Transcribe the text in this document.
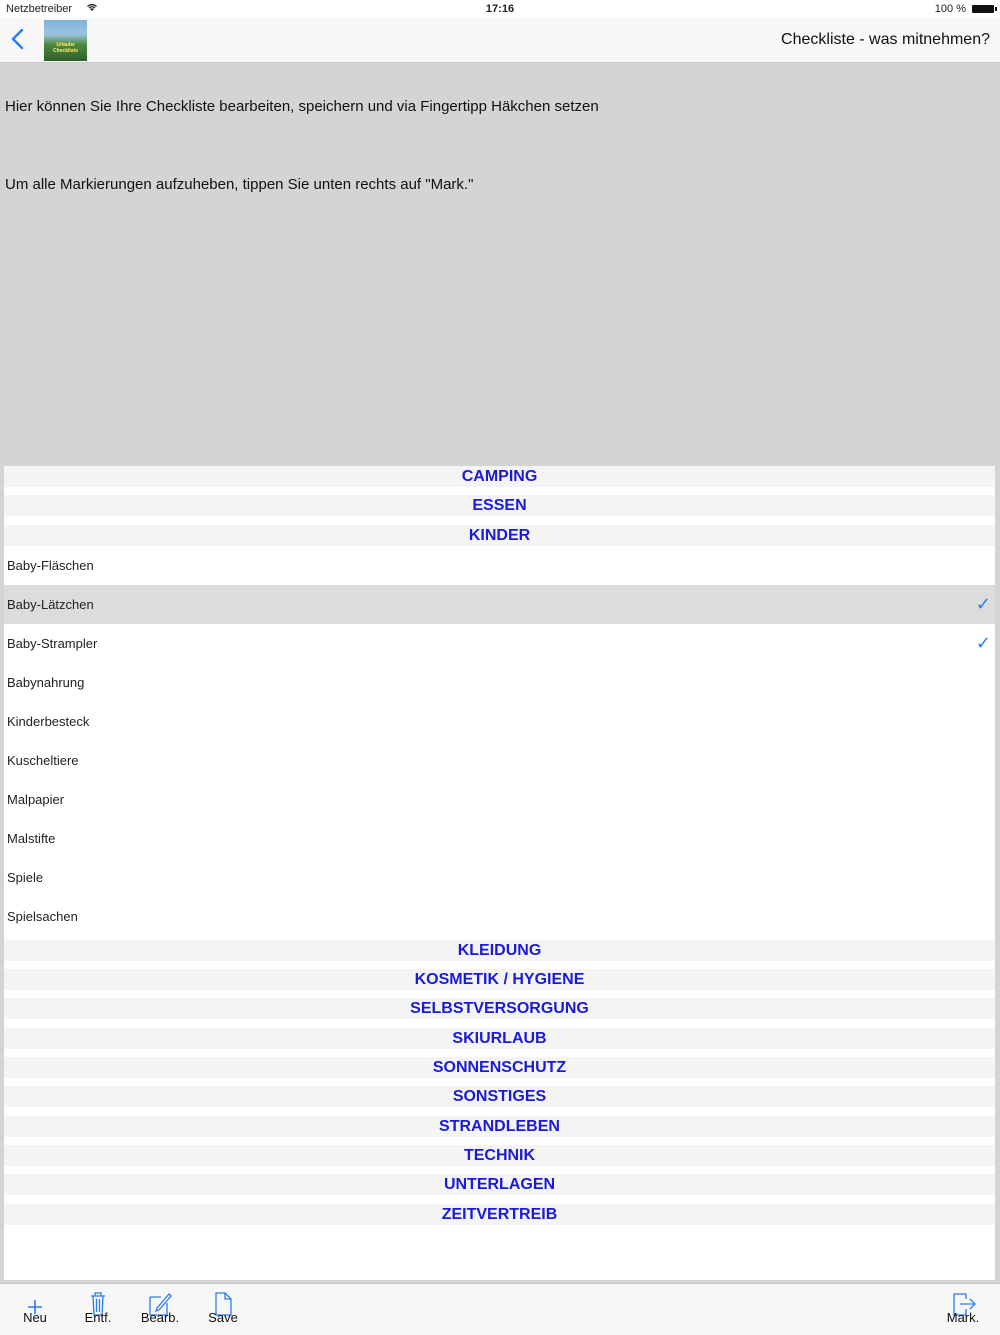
Netzbetreiber	17:16	100 %
Urlaubs Checkliste
Checkliste - was mitnehmen?

Hier können Sie Ihre Checkliste bearbeiten, speichern und via Fingertipp Häkchen setzen

Um alle Markierungen aufzuheben, tippen Sie unten rechts auf "Mark."

CAMPING
ESSEN
KINDER
Baby-Fläschen
Baby-Lätzchen	✓
Baby-Strampler	✓
Babynahrung
Kinderbesteck
Kuscheltiere
Malpapier
Malstifte
Spiele
Spielsachen
KLEIDUNG
KOSMETIK / HYGIENE
SELBSTVERSORGUNG
SKIURLAUB
SONNENSCHUTZ
SONSTIGES
STRANDLEBEN
TECHNIK
UNTERLAGEN
ZEITVERTREIB
Neu	Entf.	Bearb.	Save	Mark.
